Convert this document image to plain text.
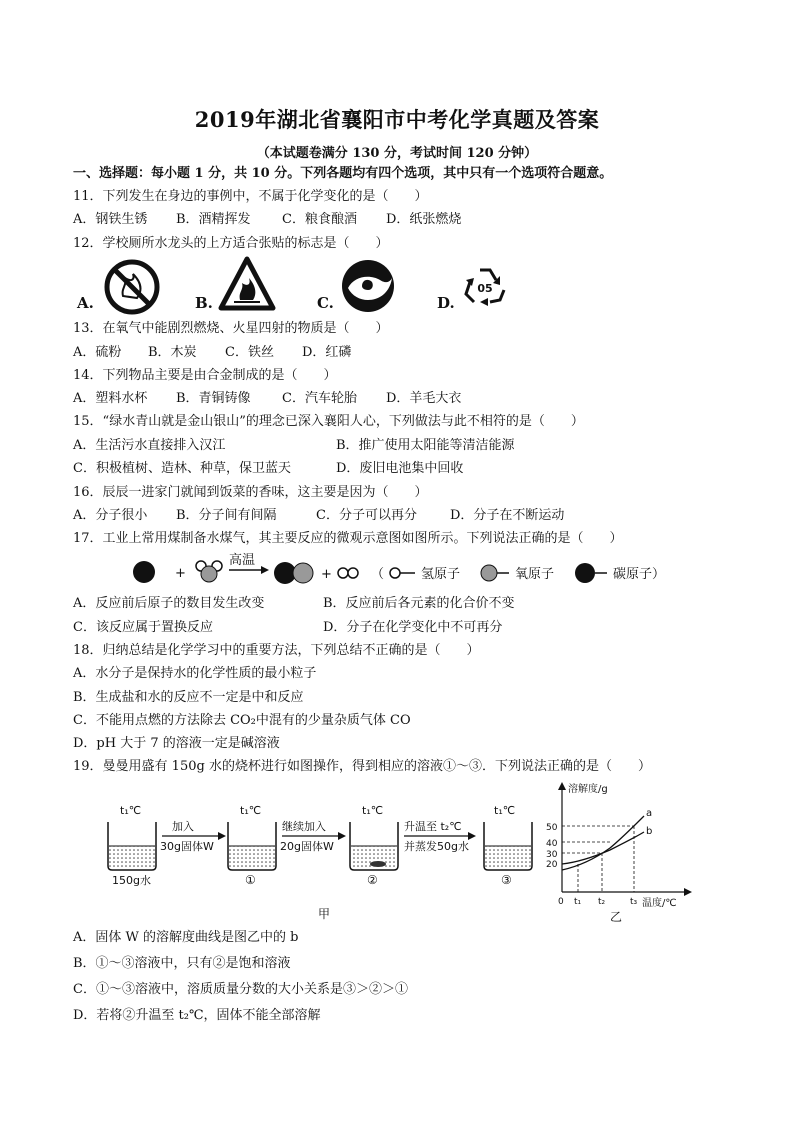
2019年湖北省襄阳市中考化学真题及答案
（本试题卷满分 130 分，考试时间 120 分钟）
一、选择题：每小题 1 分，共 10 分。下列各题均有四个选项，其中只有一个选项符合题意。
11．下列发生在身边的事例中，不属于化学变化的是（　　）
A．钢铁生锈 B．酒精挥发 C．粮食酿酒 D．纸张燃烧
12．学校厕所水龙头的上方适合张贴的标志是（　　）
A.	B.	C.	D.
05
13．在氧气中能剧烈燃烧、火星四射的物质是（　　）
A．硫粉 B．木炭 C．铁丝 D．红磷
14．下列物品主要是由合金制成的是（　　）
A．塑料水杯 B．青铜铸像 C．汽车轮胎 D．羊毛大衣
15．“绿水青山就是金山银山”的理念已深入襄阳人心，下列做法与此不相符的是（　　）
A．生活污水直接排入汉江	B．推广使用太阳能等清洁能源
C．积极植树、造林、种草，保卫蓝天	D．废旧电池集中回收
16．辰辰一进家门就闻到饭菜的香味，这主要是因为（　　）
A．分子很小 B．分子间有间隔	C．分子可以再分	D．分子在不断运动
17．工业上常用煤制备水煤气，其主要反应的微观示意图如图所示。下列说法正确的是（　　）
+
高温
+	（	氢原子	氧原子	碳原子）
A．反应前后原子的数目发生改变	B．反应前后各元素的化合价不变
C．该反应属于置换反应	D．分子在化学变化中不可再分
18．归纳总结是化学学习中的重要方法，下列总结不正确的是（　　）
A．水分子是保持水的化学性质的最小粒子
B．生成盐和水的反应不一定是中和反应
C．不能用点燃的方法除去 CO₂中混有的少量杂质气体 CO
D．pH 大于 7 的溶液一定是碱溶液
19．曼曼用盛有 150g 水的烧杯进行如图操作，得到相应的溶液①～③．下列说法正确的是（　　）
t₁℃
150g水
加入
30g固体W
t₁℃
①
继续加入
20g固体W
t₁℃
②
升温至 t₂℃
并蒸发50g水
t₁℃
③
甲
溶解度/g
温度/℃
50
40
30
20
a
b
0 t₁ t₂	t₃
乙
A．固体 W 的溶解度曲线是图乙中的 b
B．①～③溶液中，只有②是饱和溶液
C．①～③溶液中，溶质质量分数的大小关系是③＞②＞①
D．若将②升温至 t₂℃，固体不能全部溶解
